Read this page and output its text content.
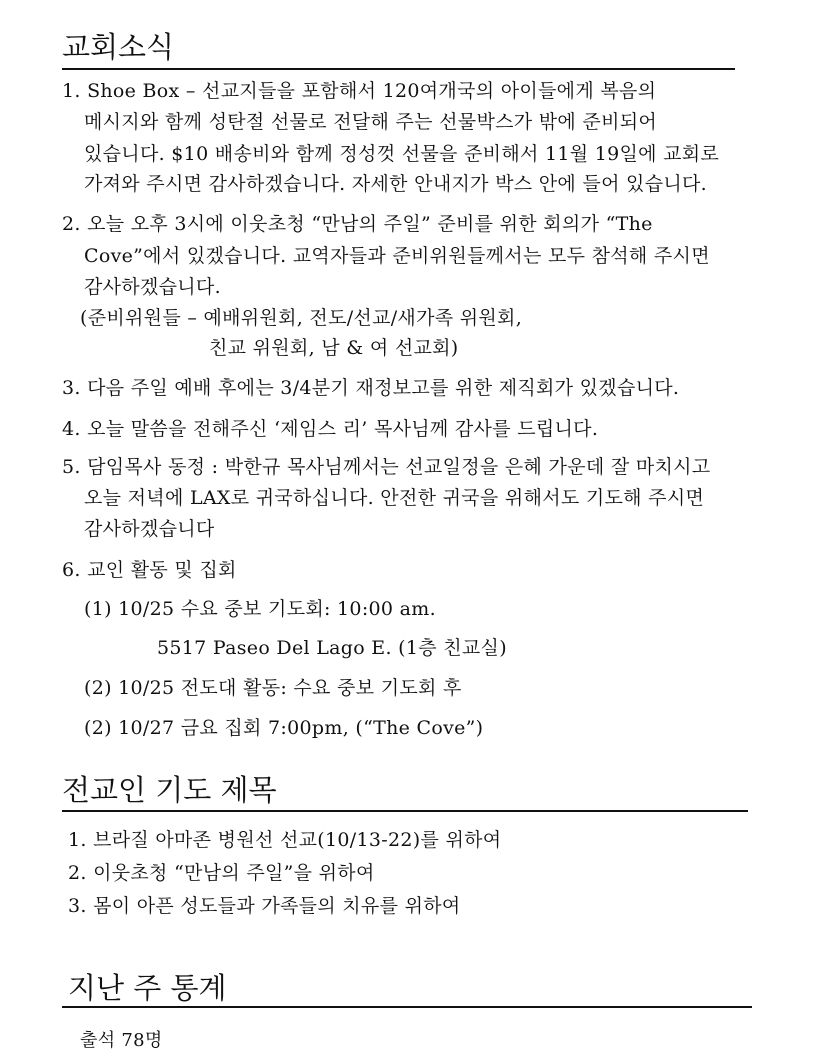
교회소식
1. Shoe Box – 선교지들을 포함해서 120여개국의 아이들에게 복음의
메시지와 함께 성탄절 선물로 전달해 주는 선물박스가 밖에 준비되어
있습니다. $10 배송비와 함께 정성껏 선물을 준비해서 11월 19일에 교회로
가져와 주시면 감사하겠습니다. 자세한 안내지가 박스 안에 들어 있습니다.
2. 오늘 오후 3시에 이웃초청 “만남의 주일” 준비를 위한 회의가 “The
Cove”에서 있겠습니다. 교역자들과 준비위원들께서는 모두 참석해 주시면
감사하겠습니다.
(준비위원들 – 예배위원회, 전도/선교/새가족 위원회,
친교 위원회, 남 & 여 선교회)
3. 다음 주일 예배 후에는 3/4분기 재정보고를 위한 제직회가 있겠습니다.
4. 오늘 말씀을 전해주신 ‘제임스 리’ 목사님께 감사를 드립니다.
5. 담임목사 동정 : 박한규 목사님께서는 선교일정을 은혜 가운데 잘 마치시고
오늘 저녁에 LAX로 귀국하십니다. 안전한 귀국을 위해서도 기도해 주시면
감사하겠습니다
6. 교인 활동 및 집회
(1) 10/25 수요 중보 기도회: 10:00 am.
5517 Paseo Del Lago E. (1층 친교실)
(2) 10/25 전도대 활동: 수요 중보 기도회 후
(2) 10/27 금요 집회 7:00pm, (“The Cove”)
전교인 기도 제목
1. 브라질 아마존 병원선 선교(10/13-22)를 위하여
2. 이웃초청 “만남의 주일”을 위하여
3. 몸이 아픈 성도들과 가족들의 치유를 위하여
지난 주 통계
출석 78명
